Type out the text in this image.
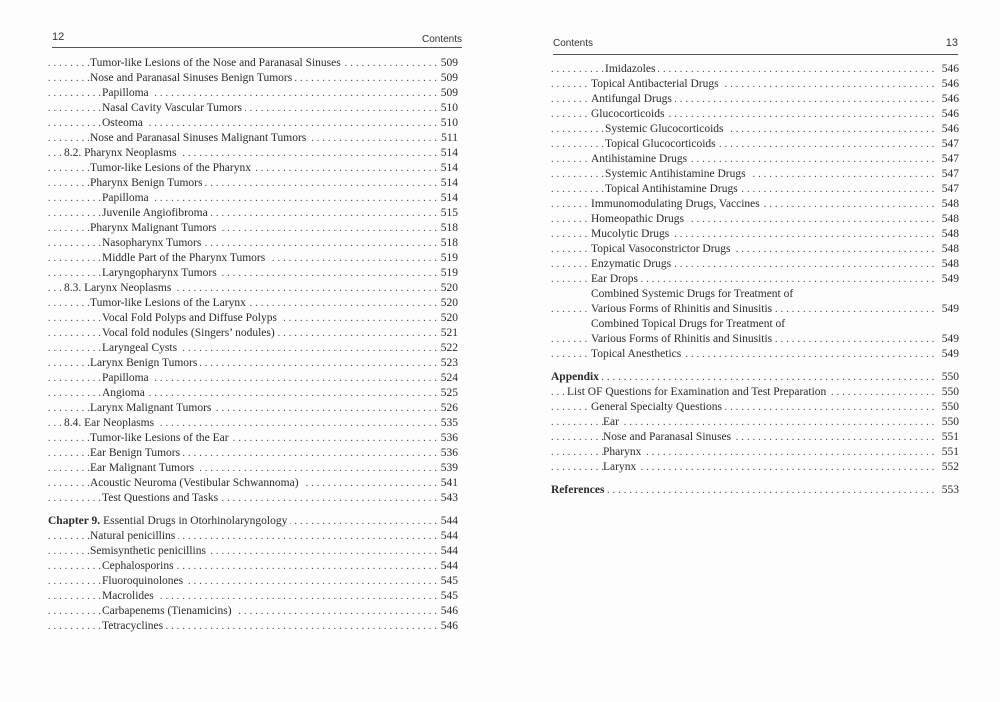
12	Contents
. . . Tumor-like Lesions of the Nose and Paranasal Sinuses	509
. . . Nose and Paranasal Sinuses Benign Tumors	509
. . . Papilloma	509
. . . Nasal Cavity Vascular Tumors	510
. . . Osteoma	510
. . . Nose and Paranasal Sinuses Malignant Tumors	511
. . . 8.2. Pharynx Neoplasms	514
. . . Tumor-like Lesions of the Pharynx	514
. . . Pharynx Benign Tumors	514
. . . Papilloma	514
. . . Juvenile Angiofibroma	515
. . . Pharynx Malignant Tumors	518
. . . Nasopharynx Tumors	518
. . . Middle Part of the Pharynx Tumors	519
. . . Laryngopharynx Tumors	519
. . . 8.3. Larynx Neoplasms	520
. . . Tumor-like Lesions of the Larynx	520
. . . Vocal Fold Polyps and Diffuse Polyps	520
. . . Vocal fold nodules (Singers’ nodules)	521
. . . Laryngeal Cysts	522
. . . Larynx Benign Tumors	523
. . . Papilloma	524
. . . Angioma	525
. . . Larynx Malignant Tumors	526
. . . 8.4. Ear Neoplasms	535
. . . Tumor-like Lesions of the Ear	536
. . . Ear Benign Tumors	536
. . . Ear Malignant Tumors	539
. . . Acoustic Neuroma (Vestibular Schwannoma)	541
. . . Test Questions and Tasks	543
. . . Chapter 9. Essential Drugs in Otorhinolaryngology	544
. . . Natural penicillins	544
. . . Semisynthetic penicillins	544
. . . Cephalosporins	544
. . . Fluoroquinolones	545
. . . Macrolides	545
. . . Carbapenems (Tienamicins)	546
. . . Tetracyclines	546
Contents	13
. . . Imidazoles	546
. . . Topical Antibacterial Drugs	546
. . . Antifungal Drugs	546
. . . Glucocorticoids	546
. . . Systemic Glucocorticoids	546
. . . Topical Glucocorticoids	547
. . . Antihistamine Drugs	547
. . . Systemic Antihistamine Drugs	547
. . . Topical Antihistamine Drugs	547
. . . Immunomodulating Drugs, Vaccines	548
. . . Homeopathic Drugs	548
. . . Mucolytic Drugs	548
. . . Topical Vasoconstrictor Drugs	548
. . . Enzymatic Drugs	548
. . . Ear Drops	549
Combined Systemic Drugs for Treatment of
. . . Various Forms of Rhinitis and Sinusitis	549
Combined Topical Drugs for Treatment of
. . . Various Forms of Rhinitis and Sinusitis	549
. . . Topical Anesthetics	549
. . . Appendix	550
. . . List OF Questions for Examination and Test Preparation	550
. . . General Specialty Questions	550
. . . Ear	550
. . . Nose and Paranasal Sinuses	551
. . . Pharynx	551
. . . Larynx	552
. . . References	553
